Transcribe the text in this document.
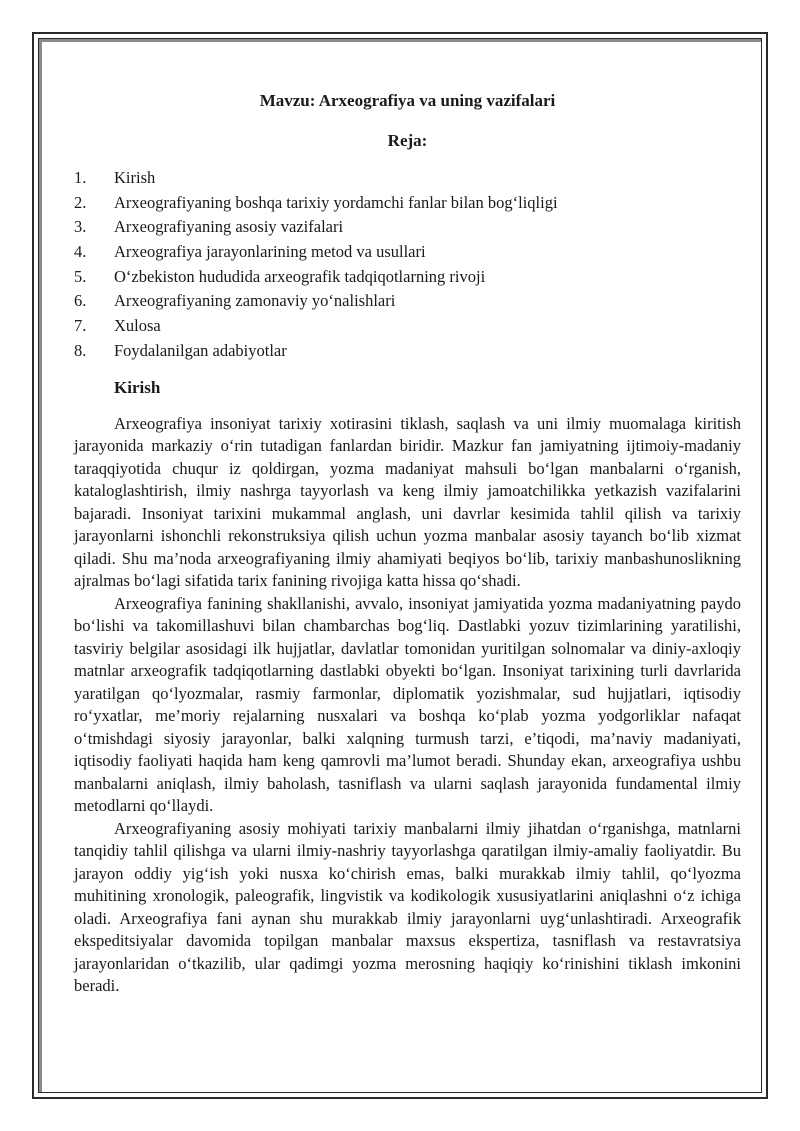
Mavzu: Arxeografiya va uning vazifalari

Reja:

1.	Kirish
2.	Arxeografiyaning boshqa tarixiy yordamchi fanlar bilan bog‘liqligi
3.	Arxeografiyaning asosiy vazifalari
4.	Arxeografiya jarayonlarining metod va usullari
5.	O‘zbekiston hududida arxeografik tadqiqotlarning rivoji
6.	Arxeografiyaning zamonaviy yo‘nalishlari
7.	Xulosa
8.	Foydalanilgan adabiyotlar

Kirish

Arxeografiya insoniyat tarixiy xotirasini tiklash, saqlash va uni ilmiy muomalaga kiritish jarayonida markaziy o‘rin tutadigan fanlardan biridir. Mazkur fan jamiyatning ijtimoiy-madaniy taraqqiyotida chuqur iz qoldirgan, yozma madaniyat mahsuli bo‘lgan manbalarni o‘rganish, kataloglashtirish, ilmiy nashrga tayyorlash va keng ilmiy jamoatchilikka yetkazish vazifalarini bajaradi. Insoniyat tarixini mukammal anglash, uni davrlar kesimida tahlil qilish va tarixiy jarayonlarni ishonchli rekonstruksiya qilish uchun yozma manbalar asosiy tayanch bo‘lib xizmat qiladi. Shu ma’noda arxeografiyaning ilmiy ahamiyati beqiyos bo‘lib, tarixiy manbashunoslikning ajralmas bo‘lagi sifatida tarix fanining rivojiga katta hissa qo‘shadi.

Arxeografiya fanining shakllanishi, avvalo, insoniyat jamiyatida yozma madaniyatning paydo bo‘lishi va takomillashuvi bilan chambarchas bog‘liq. Dastlabki yozuv tizimlarining yaratilishi, tasviriy belgilar asosidagi ilk hujjatlar, davlatlar tomonidan yuritilgan solnomalar va diniy-axloqiy matnlar arxeografik tadqiqotlarning dastlabki obyekti bo‘lgan. Insoniyat tarixining turli davrlarida yaratilgan qo‘lyozmalar, rasmiy farmonlar, diplomatik yozishmalar, sud hujjatlari, iqtisodiy ro‘yxatlar, me’moriy rejalarning nusxalari va boshqa ko‘plab yozma yodgorliklar nafaqat o‘tmishdagi siyosiy jarayonlar, balki xalqning turmush tarzi, e’tiqodi, ma’naviy madaniyati, iqtisodiy faoliyati haqida ham keng qamrovli ma’lumot beradi. Shunday ekan, arxeografiya ushbu manbalarni aniqlash, ilmiy baholash, tasniflash va ularni saqlash jarayonida fundamental ilmiy metodlarni qo‘llaydi.

Arxeografiyaning asosiy mohiyati tarixiy manbalarni ilmiy jihatdan o‘rganishga, matnlarni tanqidiy tahlil qilishga va ularni ilmiy-nashriy tayyorlashga qaratilgan ilmiy-amaliy faoliyatdir. Bu jarayon oddiy yig‘ish yoki nusxa ko‘chirish emas, balki murakkab ilmiy tahlil, qo‘lyozma muhitining xronologik, paleografik, lingvistik va kodikologik xususiyatlarini aniqlashni o‘z ichiga oladi. Arxeografiya fani aynan shu murakkab ilmiy jarayonlarni uyg‘unlashtiradi. Arxeografik ekspeditsiyalar davomida topilgan manbalar maxsus ekspertiza, tasniflash va restavratsiya jarayonlaridan o‘tkazilib, ular qadimgi yozma merosning haqiqiy ko‘rinishini tiklash imkonini beradi.
